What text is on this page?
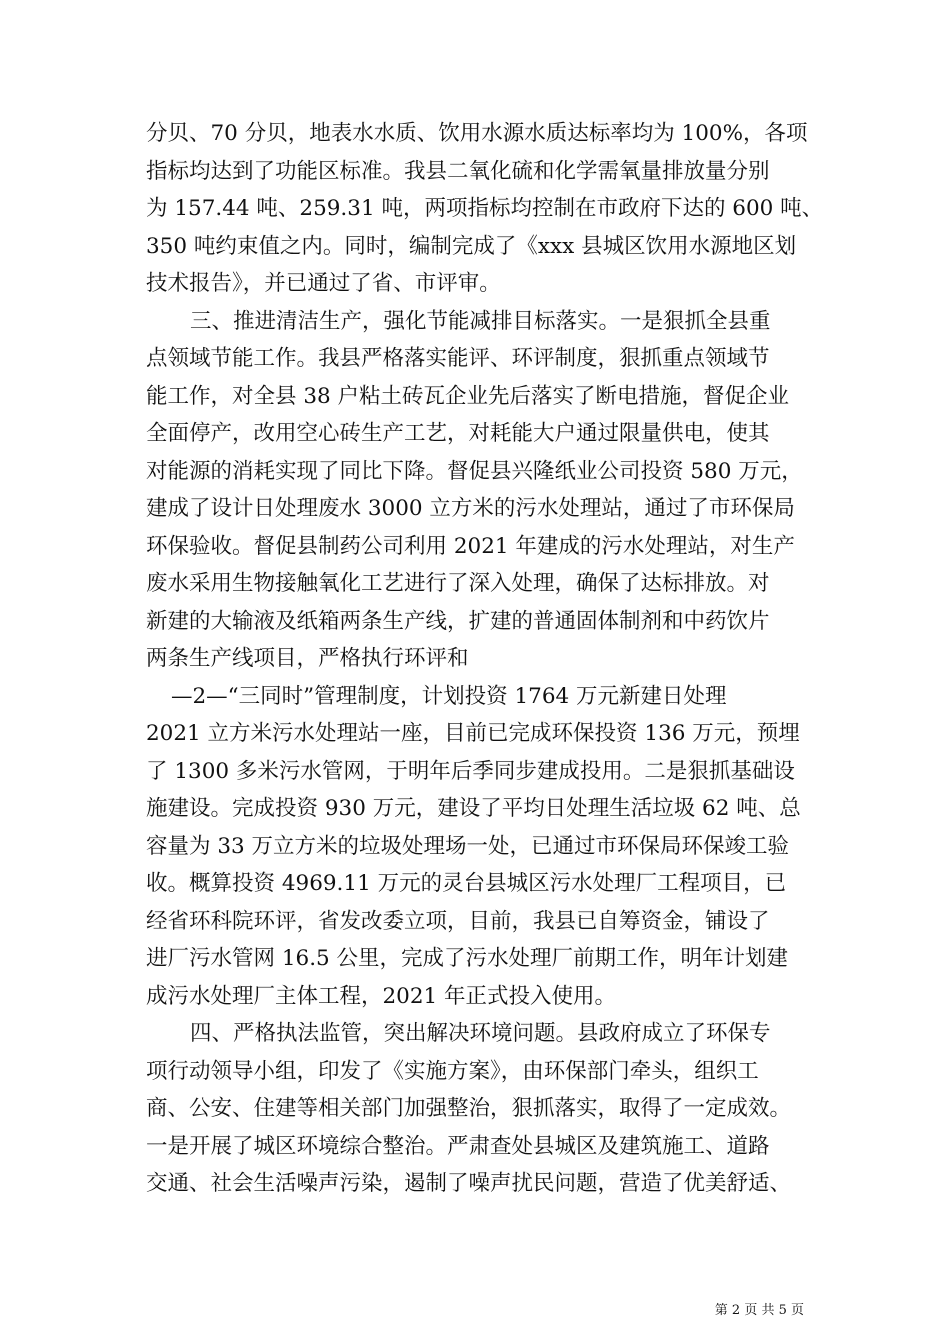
分贝、70 分贝，地表水水质、饮用水源水质达标率均为 100%，各项
指标均达到了功能区标准。我县二氧化硫和化学需氧量排放量分别
为 157.44 吨、259.31 吨，两项指标均控制在市政府下达的 600 吨、
350 吨约束值之内。同时，编制完成了《xxx 县城区饮用水源地区划
技术报告》，并已通过了省、市评审。
三、推进清洁生产，强化节能减排目标落实。一是狠抓全县重
点领域节能工作。我县严格落实能评、环评制度，狠抓重点领域节
能工作，对全县 38 户粘土砖瓦企业先后落实了断电措施，督促企业
全面停产，改用空心砖生产工艺，对耗能大户通过限量供电，使其
对能源的消耗实现了同比下降。督促县兴隆纸业公司投资 580 万元，
建成了设计日处理废水 3000 立方米的污水处理站，通过了市环保局
环保验收。督促县制药公司利用 2021 年建成的污水处理站，对生产
废水采用生物接触氧化工艺进行了深入处理，确保了达标排放。对
新建的大输液及纸箱两条生产线，扩建的普通固体制剂和中药饮片
两条生产线项目，严格执行环评和
—2—“三同时”管理制度，计划投资 1764 万元新建日处理
2021 立方米污水处理站一座，目前已完成环保投资 136 万元，预埋
了 1300 多米污水管网，于明年后季同步建成投用。二是狠抓基础设
施建设。完成投资 930 万元，建设了平均日处理生活垃圾 62 吨、总
容量为 33 万立方米的垃圾处理场一处，已通过市环保局环保竣工验
收。概算投资 4969.11 万元的灵台县城区污水处理厂工程项目，已
经省环科院环评，省发改委立项，目前，我县已自筹资金，铺设了
进厂污水管网 16.5 公里，完成了污水处理厂前期工作，明年计划建
成污水处理厂主体工程，2021 年正式投入使用。
四、严格执法监管，突出解决环境问题。县政府成立了环保专
项行动领导小组，印发了《实施方案》，由环保部门牵头，组织工
商、公安、住建等相关部门加强整治，狠抓落实，取得了一定成效。
一是开展了城区环境综合整治。严肃查处县城区及建筑施工、道路
交通、社会生活噪声污染，遏制了噪声扰民问题，营造了优美舒适、
第 2 页 共 5 页
